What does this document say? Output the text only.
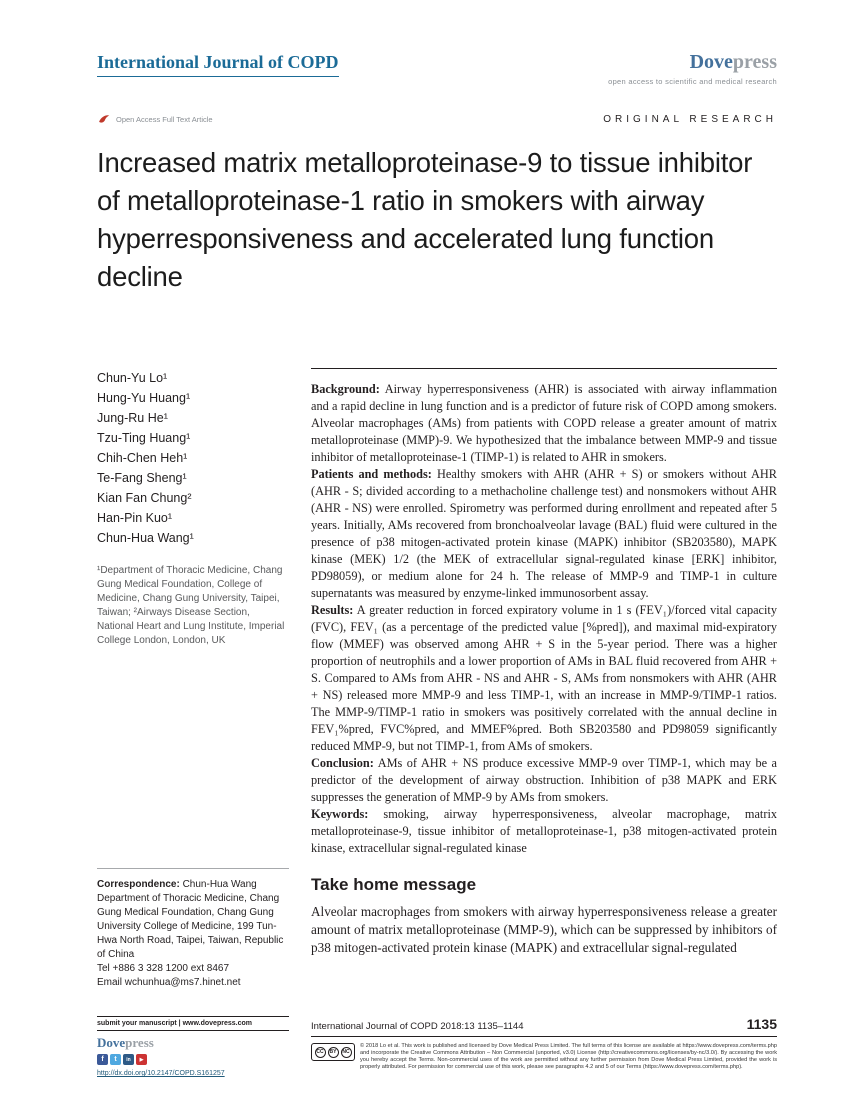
International Journal of COPD	Dovepress
open access to scientific and medical research
Open Access Full Text Article	ORIGINAL RESEARCH
Increased matrix metalloproteinase-9 to tissue inhibitor of metalloproteinase-1 ratio in smokers with airway hyperresponsiveness and accelerated lung function decline
Chun-Yu Lo¹
Hung-Yu Huang¹
Jung-Ru He¹
Tzu-Ting Huang¹
Chih-Chen Heh¹
Te-Fang Sheng¹
Kian Fan Chung²
Han-Pin Kuo¹
Chun-Hua Wang¹
¹Department of Thoracic Medicine, Chang Gung Medical Foundation, College of Medicine, Chang Gung University, Taipei, Taiwan; ²Airways Disease Section, National Heart and Lung Institute, Imperial College London, London, UK
Correspondence: Chun-Hua Wang
Department of Thoracic Medicine, Chang Gung Medical Foundation, Chang Gung University College of Medicine, 199 Tun-Hwa North Road, Taipei, Taiwan, Republic of China
Tel +886 3 328 1200 ext 8467
Email wchunhua@ms7.hinet.net

Background: Airway hyperresponsiveness (AHR) is associated with airway inflammation and a rapid decline in lung function and is a predictor of future risk of COPD among smokers. Alveolar macrophages (AMs) from patients with COPD release a greater amount of matrix metalloproteinase (MMP)-9. We hypothesized that the imbalance between MMP-9 and tissue inhibitor of metalloproteinase-1 (TIMP-1) is related to AHR in smokers.

Patients and methods: Healthy smokers with AHR (AHR + S) or smokers without AHR (AHR - S; divided according to a methacholine challenge test) and nonsmokers without AHR (AHR - NS) were enrolled. Spirometry was performed during enrollment and repeated after 5 years. Initially, AMs recovered from bronchoalveolar lavage (BAL) fluid were cultured in the presence of p38 mitogen-activated protein kinase (MAPK) inhibitor (SB203580), MAPK kinase (MEK) 1/2 (the MEK of extracellular signal-regulated kinase [ERK] inhibitor, PD98059), or medium alone for 24 h. The release of MMP-9 and TIMP-1 in culture supernatants was measured by enzyme-linked immunosorbent assay.

Results: A greater reduction in forced expiratory volume in 1 s (FEV₁)/forced vital capacity (FVC), FEV₁ (as a percentage of the predicted value [%pred]), and maximal mid-expiratory flow (MMEF) was observed among AHR + S in the 5-year period. There was a higher proportion of neutrophils and a lower proportion of AMs in BAL fluid recovered from AHR + S. Compared to AMs from AHR - NS and AHR - S, AMs from nonsmokers with AHR (AHR + NS) released more MMP-9 and less TIMP-1, with an increase in MMP-9/TIMP-1 ratios. The MMP-9/TIMP-1 ratio in smokers was positively correlated with the annual decline in FEV₁%pred, FVC%pred, and MMEF%pred. Both SB203580 and PD98059 significantly reduced MMP-9, but not TIMP-1, from AMs of smokers.

Conclusion: AMs of AHR + NS produce excessive MMP-9 over TIMP-1, which may be a predictor of the development of airway obstruction. Inhibition of p38 MAPK and ERK suppresses the generation of MMP-9 by AMs from smokers.

Keywords: smoking, airway hyperresponsiveness, alveolar macrophage, matrix metalloproteinase-9, tissue inhibitor of metalloproteinase-1, p38 mitogen-activated protein kinase, extracellular signal-regulated kinase

Take home message

Alveolar macrophages from smokers with airway hyperresponsiveness release a greater amount of matrix metalloproteinase (MMP-9), which can be suppressed by inhibitors of p38 mitogen-activated protein kinase (MAPK) and extracellular signal-regulated

submit your manuscript | www.dovepress.com
Dovepress
f
t
in
▶
http://dx.doi.org/10.2147/COPD.S161257
International Journal of COPD 2018:13 1135–1144	1135
CC	BY	NC
© 2018 Lo et al. This work is published and licensed by Dove Medical Press Limited. The full terms of this license are available at https://www.dovepress.com/terms.php and incorporate the Creative Commons Attribution – Non Commercial (unported, v3.0) License (http://creativecommons.org/licenses/by-nc/3.0/). By accessing the work you hereby accept the Terms. Non-commercial uses of the work are permitted without any further permission from Dove Medical Press Limited, provided the work is properly attributed. For permission for commercial use of this work, please see paragraphs 4.2 and 5 of our Terms (https://www.dovepress.com/terms.php).
